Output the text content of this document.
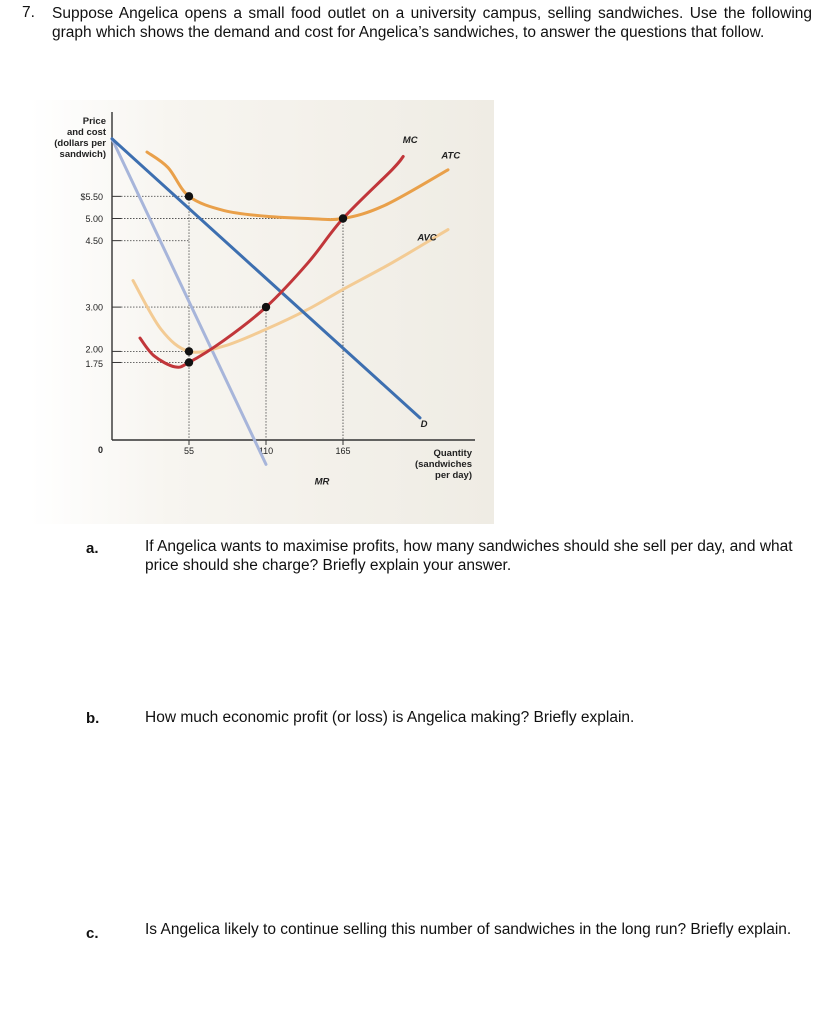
7. Suppose Angelica opens a small food outlet on a university campus, selling sandwiches. Use the following graph which shows the demand and cost for Angelica’s sandwiches, to answer the questions that follow.
Price
and cost
(dollars per
sandwich)
$5.50
5.00
4.50
3.00
2.00
1.75
0	55	110	165	Quantity
(sandwiches
per day)
MC
ATC
AVC
D
MR
a.	If Angelica wants to maximise profits, how many sandwiches should she sell per day, and what price should she charge? Briefly explain your answer.
b.	How much economic profit (or loss) is Angelica making? Briefly explain.
c.	Is Angelica likely to continue selling this number of sandwiches in the long run? Briefly explain.
